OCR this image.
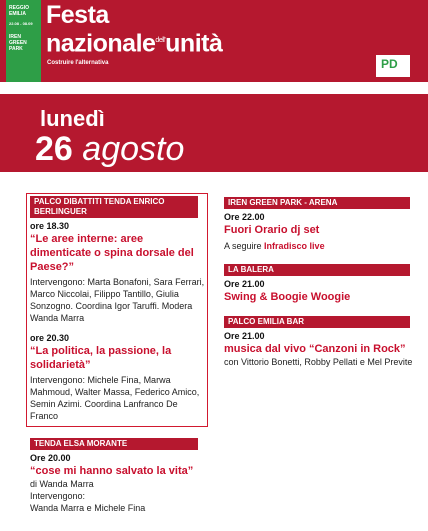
REGGIO EMILIA
22.08 - 08.09
IREN GREEN PARK
Festa
nazionale$^{dell'}$unità
Costruire l'alternativa	PD
lunedì
26 agosto
PALCO DIBATTITI TENDA ENRICO BERLINGUER
ore 18.30
“Le aree interne: aree dimenticate o spina dorsale del Paese?”
Intervengono: Marta Bonafoni, Sara Ferrari, Marco Niccolai, Filippo Tantillo, Giulia Sonzogno. Coordina Igor Taruffi. Modera Wanda Marra
ore 20.30
“La politica, la passione, la solidarietà”
Intervengono: Michele Fina, Marwa Mahmoud, Walter Massa, Federico Amico, Semin Azimi. Coordina Lanfranco De Franco
TENDA ELSA MORANTE
Ore 20.00
“cose mi hanno salvato la vita”
di Wanda Marra
Intervengono:
Wanda Marra e Michele Fina
IREN GREEN PARK - ARENA
Ore 22.00
Fuori Orario dj set
A seguire Infradisco live
LA BALERA
Ore 21.00
Swing & Boogie Woogie
PALCO EMILIA BAR
Ore 21.00
musica dal vivo “Canzoni in Rock”
con Vittorio Bonetti, Robby Pellati e Mel Previte
